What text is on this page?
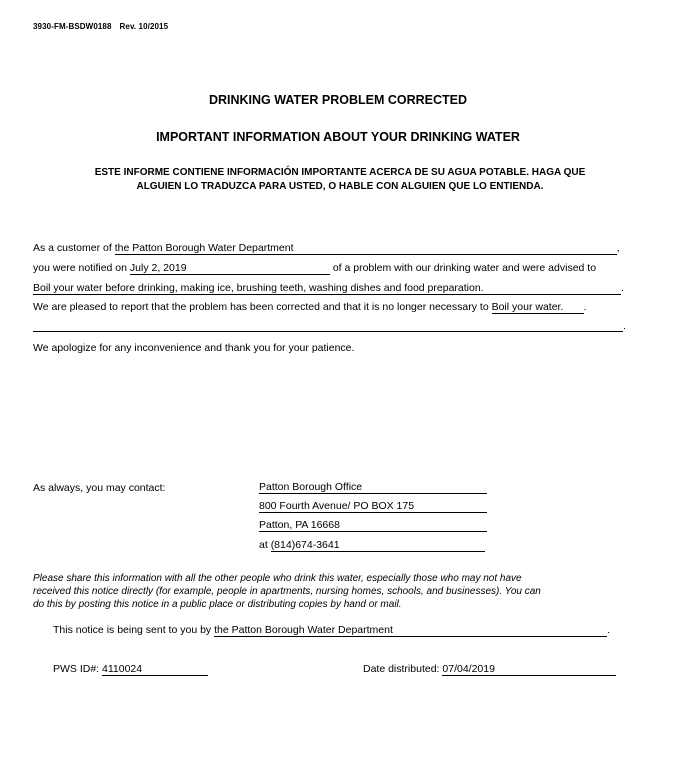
3930-FM-BSDW0188 Rev. 10/2015
DRINKING WATER PROBLEM CORRECTED
IMPORTANT INFORMATION ABOUT YOUR DRINKING WATER
ESTE INFORME CONTIENE INFORMACIÓN IMPORTANTE ACERCA DE SU AGUA POTABLE. HAGA QUE
ALGUIEN LO TRADUZCA PARA USTED, O HABLE CON ALGUIEN QUE LO ENTIENDA.
As a customer of the Patton Borough Water Department	,
you were notified on July 2, 2019	of a problem with our drinking water and were advised to
Boil your water before drinking, making ice, brushing teeth, washing dishes and food preparation.	.
We are pleased to report that the problem has been corrected and that it is no longer necessary to Boil your water. .
.
We apologize for any inconvenience and thank you for your patience.
As always, you may contact:	Patton Borough Office
800 Fourth Avenue/ PO BOX 175
Patton, PA 16668
at (814)674-3641
Please share this information with all the other people who drink this water, especially those who may not have
received this notice directly (for example, people in apartments, nursing homes, schools, and businesses). You can
do this by posting this notice in a public place or distributing copies by hand or mail.
This notice is being sent to you by the Patton Borough Water Department	.
PWS ID#: 4110024	Date distributed: 07/04/2019
